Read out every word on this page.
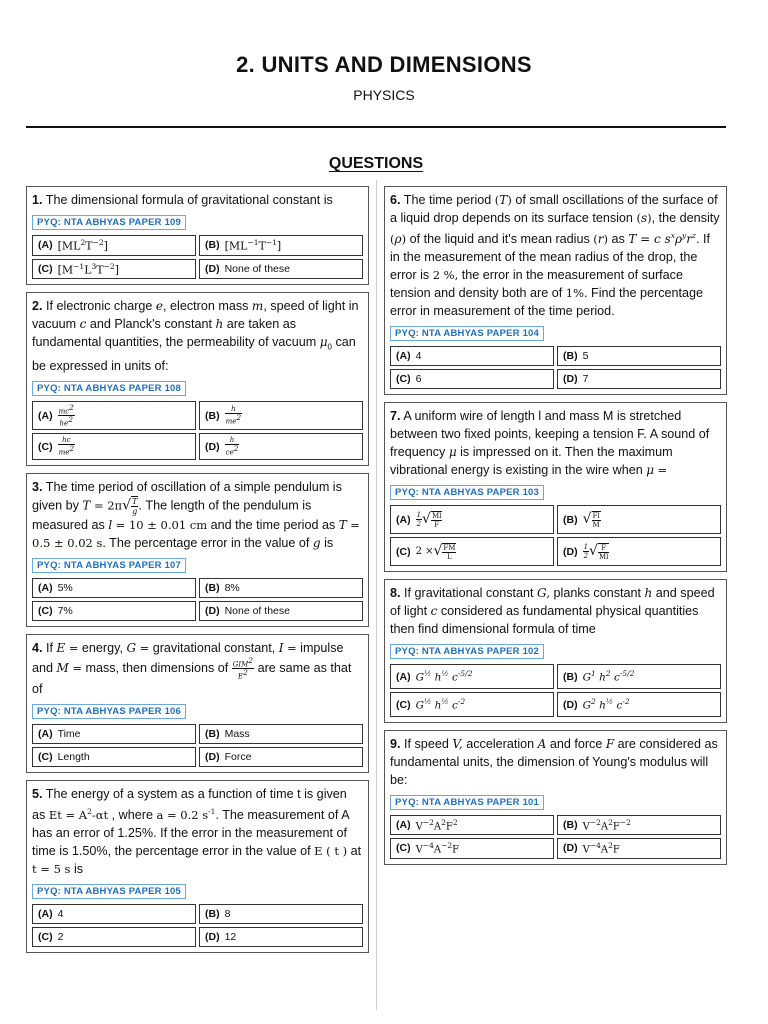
2. UNITS AND DIMENSIONS
PHYSICS
QUESTIONS
1. The dimensional formula of gravitational constant is
PYQ: NTA ABHYAS PAPER 109
(A) $[ML^2T^{-2}]$	(B) $[ML^{-1}T^{-1}]$
(C) $[M^{-1}L^3T^{-2}]$	(D) None of these
2. If electronic charge e, electron mass m, speed of light in vacuum c and Planck's constant h are taken as fundamental quantities, the permeability of vacuum $\mu_0$ can be expressed in units of:
PYQ: NTA ABHYAS PAPER 108
$(A) \frac{mc^2}{he^2}$	$(B) \frac{h}{me^2}$
$(C) \frac{hc}{me^2}$	$(D) \frac{h}{ce^2}$
3. The time period of oscillation of a simple pendulum is given by $T = 2\pi√ \frac{T}{g}$ . The length of the pendulum is measured as l = 10 ± 0.01 cm and the time period as T = 0.5 ± 0.02 s. The percentage error in the value of g is
PYQ: NTA ABHYAS PAPER 107
(A) 5%	(B) 8%
(C) 7%	(D) None of these
4. If E = energy, G = gravitational constant, I = impulse and M = mass, then dimensions of $\frac{GIM^2}{E^2}$ are same as that of
PYQ: NTA ABHYAS PAPER 106
(A) Time	(B) Mass
(C) Length	(D) Force
5. The energy of a system as a function of time t is given as $Et = A^2-\alpha t$ , where a = 0.2 $s^{-1}$. The measurement of A has an error of 1.25%. If the error in the measurement of time is 1.50%, the percentage error in the value of E ( t ) at t = 5 s is
PYQ: NTA ABHYAS PAPER 105
(A) 4	(B) 8
(C) 2	(D) 12
6. The time period (T) of small oscillations of the surface of a liquid drop depends on its surface tension (s), the density (ρ) of the liquid and it's mean radius (r) as T = c $s^x\rho^yr^z$. If in the measurement of the mean radius of the drop, the error is 2 %, the error in the measurement of surface tension and density both are of 1%. Find the percentage error in measurement of the time period.
PYQ: NTA ABHYAS PAPER 104
(A) 4	(B) 5
(C) 6	(D) 7
7. A uniform wire of length l and mass M is stretched between two fixed points, keeping a tension F. A sound of frequency μ is impressed on it. Then the maximum vibrational energy is existing in the wire when μ =
PYQ: NTA ABHYAS PAPER 103
$(A) \frac{1}{2}$ √ $\frac{Ml}{F}$	(B) √ $\frac{Fl}{M}$
(C) 2 × √ $\frac{FM}{L}$	$(D) \frac{1}{2}$ √ $\frac{F}{Ml}$
8. If gravitational constant G, planks constant h and speed of light c considered as fundamental physical quantities then find dimensional formula of time
PYQ: NTA ABHYAS PAPER 102
(A) $G^{\frac{1}{2}}$ $h^{\frac{1}{2}}$ $c^{-5/2}$	(B) $G^1$ $h^2$ $c^{-5/2}$
(C) $G^{\frac{1}{2}}$ $h^{\frac{1}{2}}$ $c^{-2}$	(D) $G^2$ $h^{\frac{1}{2}}$ $c^{-2}$
9. If speed V, acceleration A and force F are considered as fundamental units, the dimension of Young's modulus will be:
PYQ: NTA ABHYAS PAPER 101
(A) $V^{-2}A^2F^2$	(B) $V^{-2}A^2F^{-2}$
(C) $V^{-4}A^{-2}F$	(D) $V^{-4}A^2F$
